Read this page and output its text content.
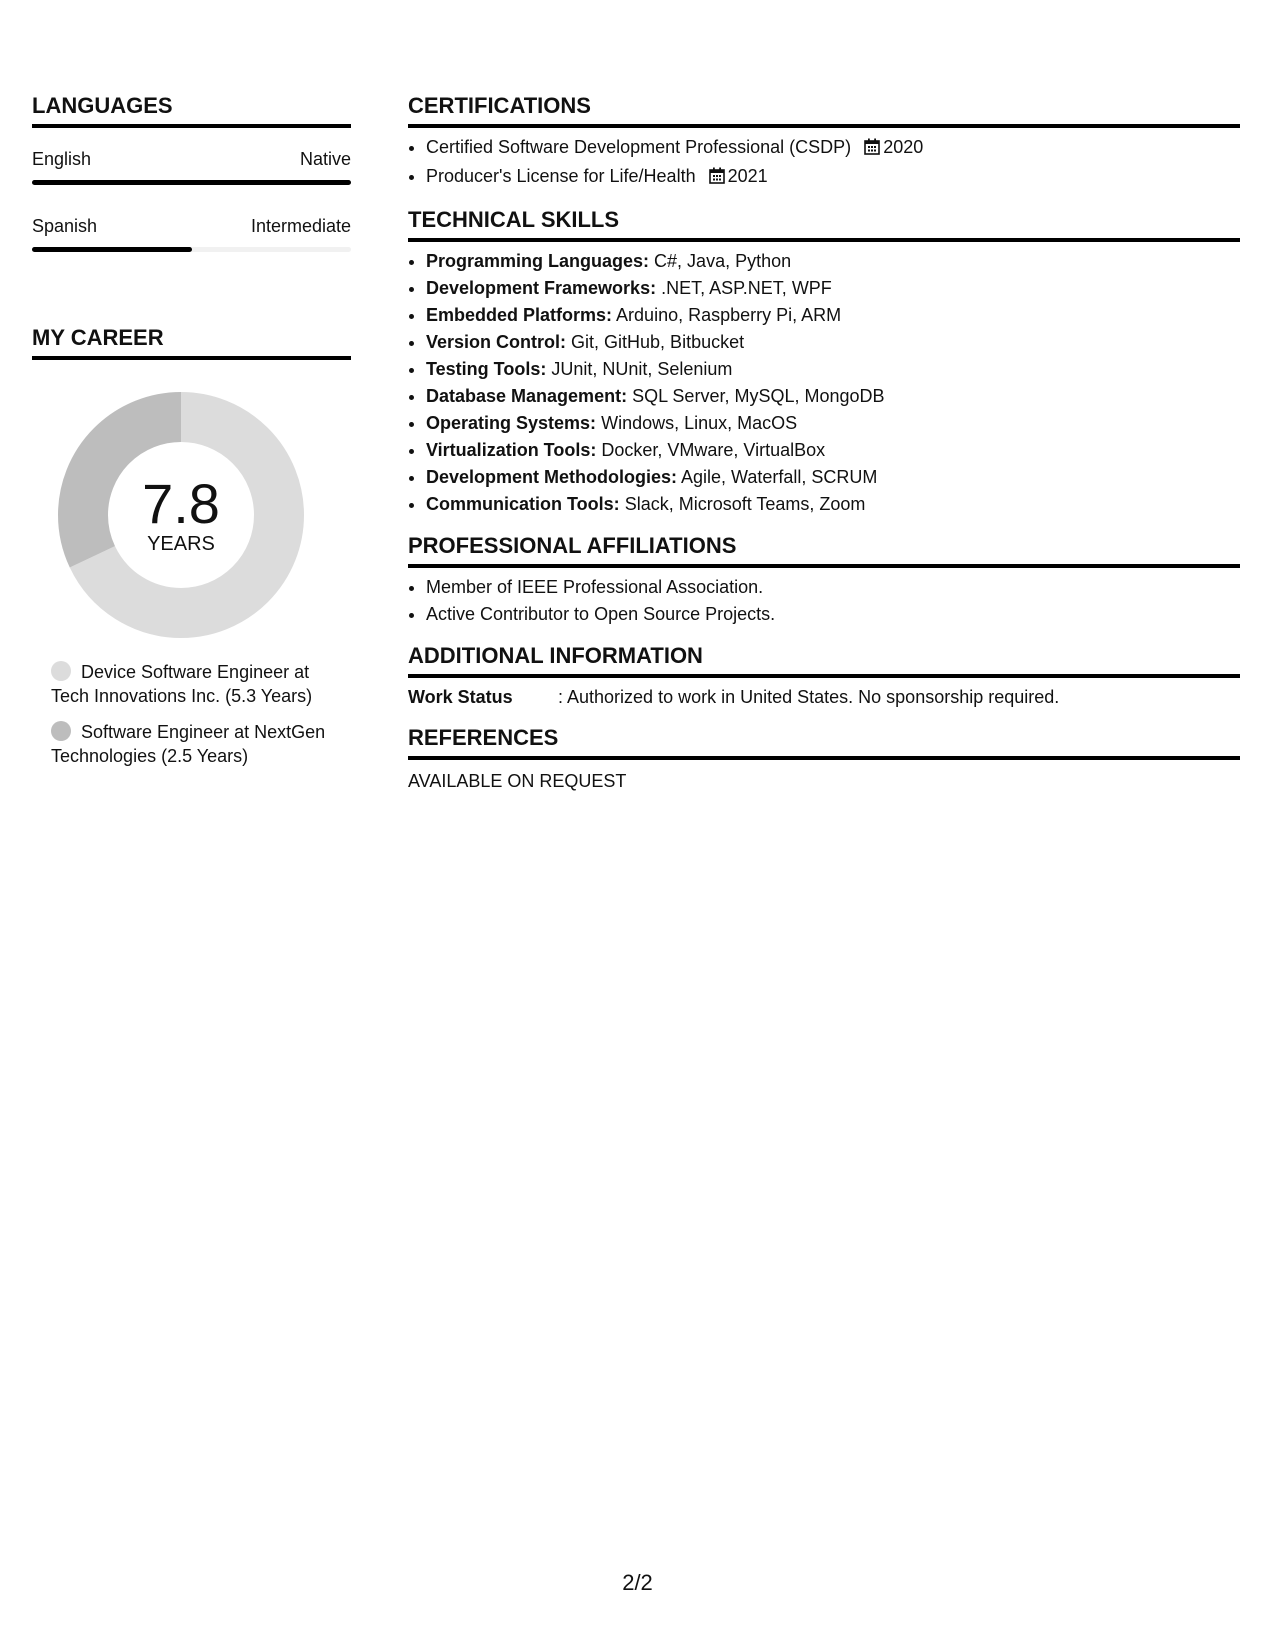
LANGUAGES
English	Native
Spanish	Intermediate
MY CAREER
7.8
YEARS
Device Software Engineer at Tech Innovations Inc. (5.3 Years)
Software Engineer at NextGen Technologies (2.5 Years)
CERTIFICATIONS
• Certified Software Development Professional (CSDP) 2020
• Producer's License for Life/Health 2021
TECHNICAL SKILLS
• Programming Languages: C#, Java, Python
• Development Frameworks: .NET, ASP.NET, WPF
• Embedded Platforms: Arduino, Raspberry Pi, ARM
• Version Control: Git, GitHub, Bitbucket
• Testing Tools: JUnit, NUnit, Selenium
• Database Management: SQL Server, MySQL, MongoDB
• Operating Systems: Windows, Linux, MacOS
• Virtualization Tools: Docker, VMware, VirtualBox
• Development Methodologies: Agile, Waterfall, SCRUM
• Communication Tools: Slack, Microsoft Teams, Zoom
PROFESSIONAL AFFILIATIONS
• Member of IEEE Professional Association.
• Active Contributor to Open Source Projects.
ADDITIONAL INFORMATION
Work Status	: Authorized to work in United States. No sponsorship required.
REFERENCES
AVAILABLE ON REQUEST
2/2
